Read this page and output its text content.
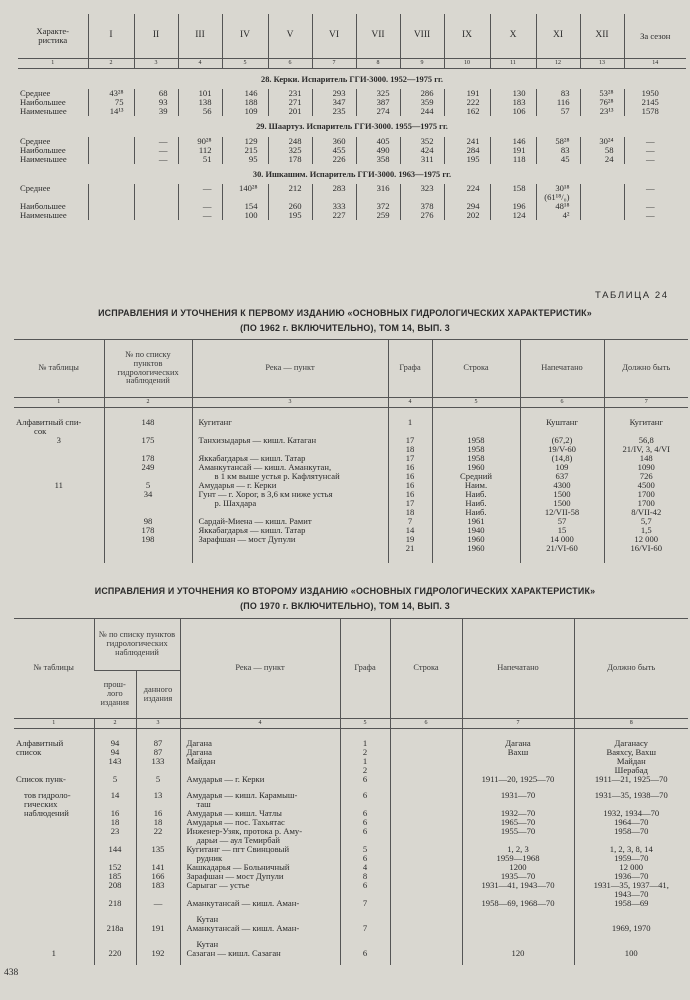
Характе-
ристика	I	II	III	IV	V	VI	VII	VIII	IX	X	XI	XII	За сезон
1	2	3	4	5	6	7	8	9	10	11	12	13	14
28. Керки. Испаритель ГГИ-3000. 1952—1975 гг.													
Среднее	43²⁸	68	101	146	231	293	325	286	191	130	83	53²⁸	1950
Наибольшее	75	93	138	188	271	347	387	359	222	183	116	76²⁸	2145
Наименьшее	14¹³	39	56	109	201	235	274	244	162	106	57	23¹³	1578
29. Шаартуз. Испаритель ГГИ-3000. 1955—1975 гг.													
Среднее		—	90²⁸	129	248	360	405	352	241	146	58²⁸	30²⁴	—
Наибольшее		—	112	215	325	455	490	424	284	191	83	58	—
Наименьшее		—	51	95	178	226	358	311	195	118	45	24	—
30. Ишкашим. Испаритель ГГИ-3000. 1963—1975 гг.													
Среднее			—	140²⁸	212	283	316	323	224	158	30¹⁸		—
											(61¹⁸/₀)		
Наибольшее			—	154	260	333	372	378	294	196	48¹⁸		—
Наименьшее			—	100	195	227	259	276	202	124	4²		—
ТАБЛИЦА 24
ИСПРАВЛЕНИЯ И УТОЧНЕНИЯ К ПЕРВОМУ ИЗДАНИЮ «ОСНОВНЫХ ГИДРОЛОГИЧЕСКИХ ХАРАКТЕРИСТИК»
(ПО 1962 г. ВКЛЮЧИТЕЛЬНО), ТОМ 14, ВЫП. 3
№ таблицы	№ по списку пунктов гидрологических наблюдений	Река — пункт	Графа	Строка	Напечатано	Должно быть
1	2	3	4	5	6	7

Алфавитный спи-	148	Кугитанг	1		Куштанг	Кугитанг
сок						
3	175	Танхизыдарья — кишл. Катаган	17	1958	(67,2)	56,8
			18	1958	19/V-60	21/IV, 3, 4/VI
	178	Яккабагдарья — кишл. Татар	17	1958	(14,8)	148
	249	Аманкутансай — кишл. Аманкутан,	16	1960	109	1090
		в 1 км выше устья р. Кафлятунсай	16	Средний	637	726
11	5	Амударья — г. Керки	16	Наим.	4300	4500
	34	Гунт — г. Хорог, в 3,6 км ниже устья	16	Наиб.	1500	1700
		р. Шахдара	17	Наиб.	1500	1700
			18	Наиб.	12/VII-58	8/VII-42
	98	Сардай-Миена — кишл. Рамит	7	1961	57	5,7
	178	Яккабагдарья — кишл. Татар	14	1940	15	1,5
	198	Зарафшан — мост Дупули	19	1960	14 000	12 000
			21	1960	21/VI-60	16/VI-60

ИСПРАВЛЕНИЯ И УТОЧНЕНИЯ КО ВТОРОМУ ИЗДАНИЮ «ОСНОВНЫХ ГИДРОЛОГИЧЕСКИХ ХАРАКТЕРИСТИК»
(ПО 1970 г. ВКЛЮЧИТЕЛЬНО), ТОМ 14, ВЫП. 3
№ таблицы	№ по списку пунктов гидрологических наблюдений		Река — пункт	Графа	Строка	Напечатано	Должно быть
	прош-
лого
издания	данного
издания					
1	2	3	4	5	6	7	8

Алфавитный	94	87	Дагана	1		Дагана	Даганасу
список	94	87	Дагана	2		Вахш	Ваяхсу, Вахш
	143	133	Майдан	1			Майдан
				2			Шерабад
Список пунк-	5	5	Амударья — г. Керки	6		1911—20, 1925—70	1911—21, 1925—70
тов гидроло-	14	13	Амударья — кишл. Карамыш-	6		1931—70	1931—35, 1938—70
гических			таш				
наблюдений	16	16	Амударья — кишл. Чатлы	6		1932—70	1932, 1934—70
	18	18	Амударья — пос. Тахьятас	6		1965—70	1964—70
	23	22	Инженер-Узяк, протока р. Аму-	6		1955—70	1958—70
			дарьи — аул Темирбай				
	144	135	Кугитанг — пгт Свинцовый	5		1, 2, 3	1, 2, 3, 8, 14
			рудник	6		1959—1968	1959—70
	152	141	Кашкадарья — Больничный	4		1200	12 000
	185	166	Зарафшан — мост Дупули	8		1935—70	1936—70
	208	183	Сарыгаг — устье	6		1931—41, 1943—70	1931—35, 1937—41,
							1943—70
	218	—	Аманкутансай — кишл. Аман-	7		1958—69, 1968—70	1958—69
			Кутан				
	218а	191	Аманкутансай — кишл. Аман-	7			1969, 1970
			Кутан				
1	220	192	Сазаган — кишл. Сазаган	6		120	100
438
